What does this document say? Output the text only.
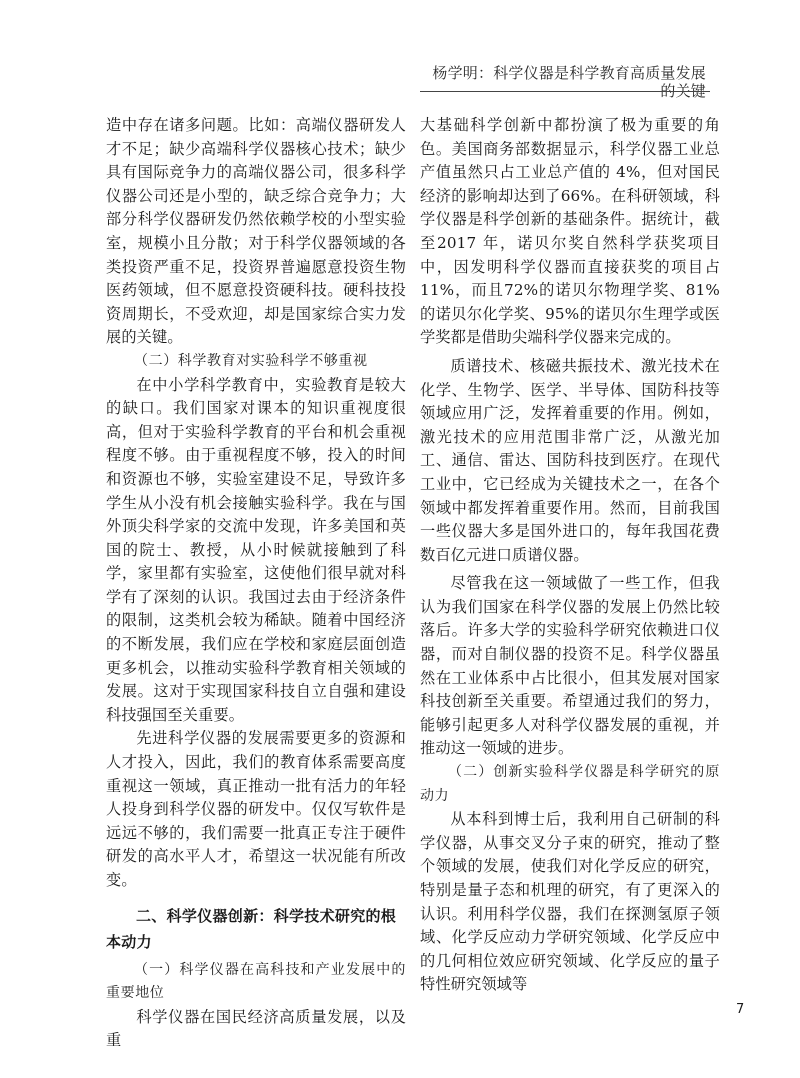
杨学明：科学仪器是科学教育高质量发展的关键

造中存在诸多问题。比如：高端仪器研发人才不足；缺少高端科学仪器核心技术；缺少具有国际竞争力的高端仪器公司，很多科学仪器公司还是小型的，缺乏综合竞争力；大部分科学仪器研发仍然依赖学校的小型实验室，规模小且分散；对于科学仪器领域的各类投资严重不足，投资界普遍愿意投资生物医药领域，但不愿意投资硬科技。硬科技投资周期长，不受欢迎，却是国家综合实力发展的关键。

（二）科学教育对实验科学不够重视

在中小学科学教育中，实验教育是较大的缺口。我们国家对课本的知识重视度很高，但对于实验科学教育的平台和机会重视程度不够。由于重视程度不够，投入的时间和资源也不够，实验室建设不足，导致许多学生从小没有机会接触实验科学。我在与国外顶尖科学家的交流中发现，许多美国和英国的院士、教授，从小时候就接触到了科学，家里都有实验室，这使他们很早就对科学有了深刻的认识。我国过去由于经济条件的限制，这类机会较为稀缺。随着中国经济的不断发展，我们应在学校和家庭层面创造更多机会，以推动实验科学教育相关领域的发展。这对于实现国家科技自立自强和建设科技强国至关重要。

先进科学仪器的发展需要更多的资源和人才投入，因此，我们的教育体系需要高度重视这一领域，真正推动一批有活力的年轻人投身到科学仪器的研发中。仅仅写软件是远远不够的，我们需要一批真正专注于硬件研发的高水平人才，希望这一状况能有所改变。

二、科学仪器创新：科学技术研究的根本动力

（一）科学仪器在高科技和产业发展中的重要地位

科学仪器在国民经济高质量发展，以及重

大基础科学创新中都扮演了极为重要的角色。美国商务部数据显示，科学仪器工业总产值虽然只占工业总产值的 4%，但对国民经济的影响却达到了66%。在科研领域，科学仪器是科学创新的基础条件。据统计，截至2017 年，诺贝尔奖自然科学获奖项目中，因发明科学仪器而直接获奖的项目占11%，而且72%的诺贝尔物理学奖、81%的诺贝尔化学奖、95%的诺贝尔生理学或医学奖都是借助尖端科学仪器来完成的。

质谱技术、核磁共振技术、激光技术在化学、生物学、医学、半导体、国防科技等领域应用广泛，发挥着重要的作用。例如，激光技术的应用范围非常广泛，从激光加工、通信、雷达、国防科技到医疗。在现代工业中，它已经成为关键技术之一，在各个领域中都发挥着重要作用。然而，目前我国一些仪器大多是国外进口的，每年我国花费数百亿元进口质谱仪器。

尽管我在这一领域做了一些工作，但我认为我们国家在科学仪器的发展上仍然比较落后。许多大学的实验科学研究依赖进口仪器，而对自制仪器的投资不足。科学仪器虽然在工业体系中占比很小，但其发展对国家科技创新至关重要。希望通过我们的努力，能够引起更多人对科学仪器发展的重视，并推动这一领域的进步。

（二）创新实验科学仪器是科学研究的原动力

从本科到博士后，我利用自己研制的科学仪器，从事交叉分子束的研究，推动了整个领域的发展，使我们对化学反应的研究，特别是量子态和机理的研究，有了更深入的认识。利用科学仪器，我们在探测氢原子领域、化学反应动力学研究领域、化学反应中的几何相位效应研究领域、化学反应的量子特性研究领域等

7
